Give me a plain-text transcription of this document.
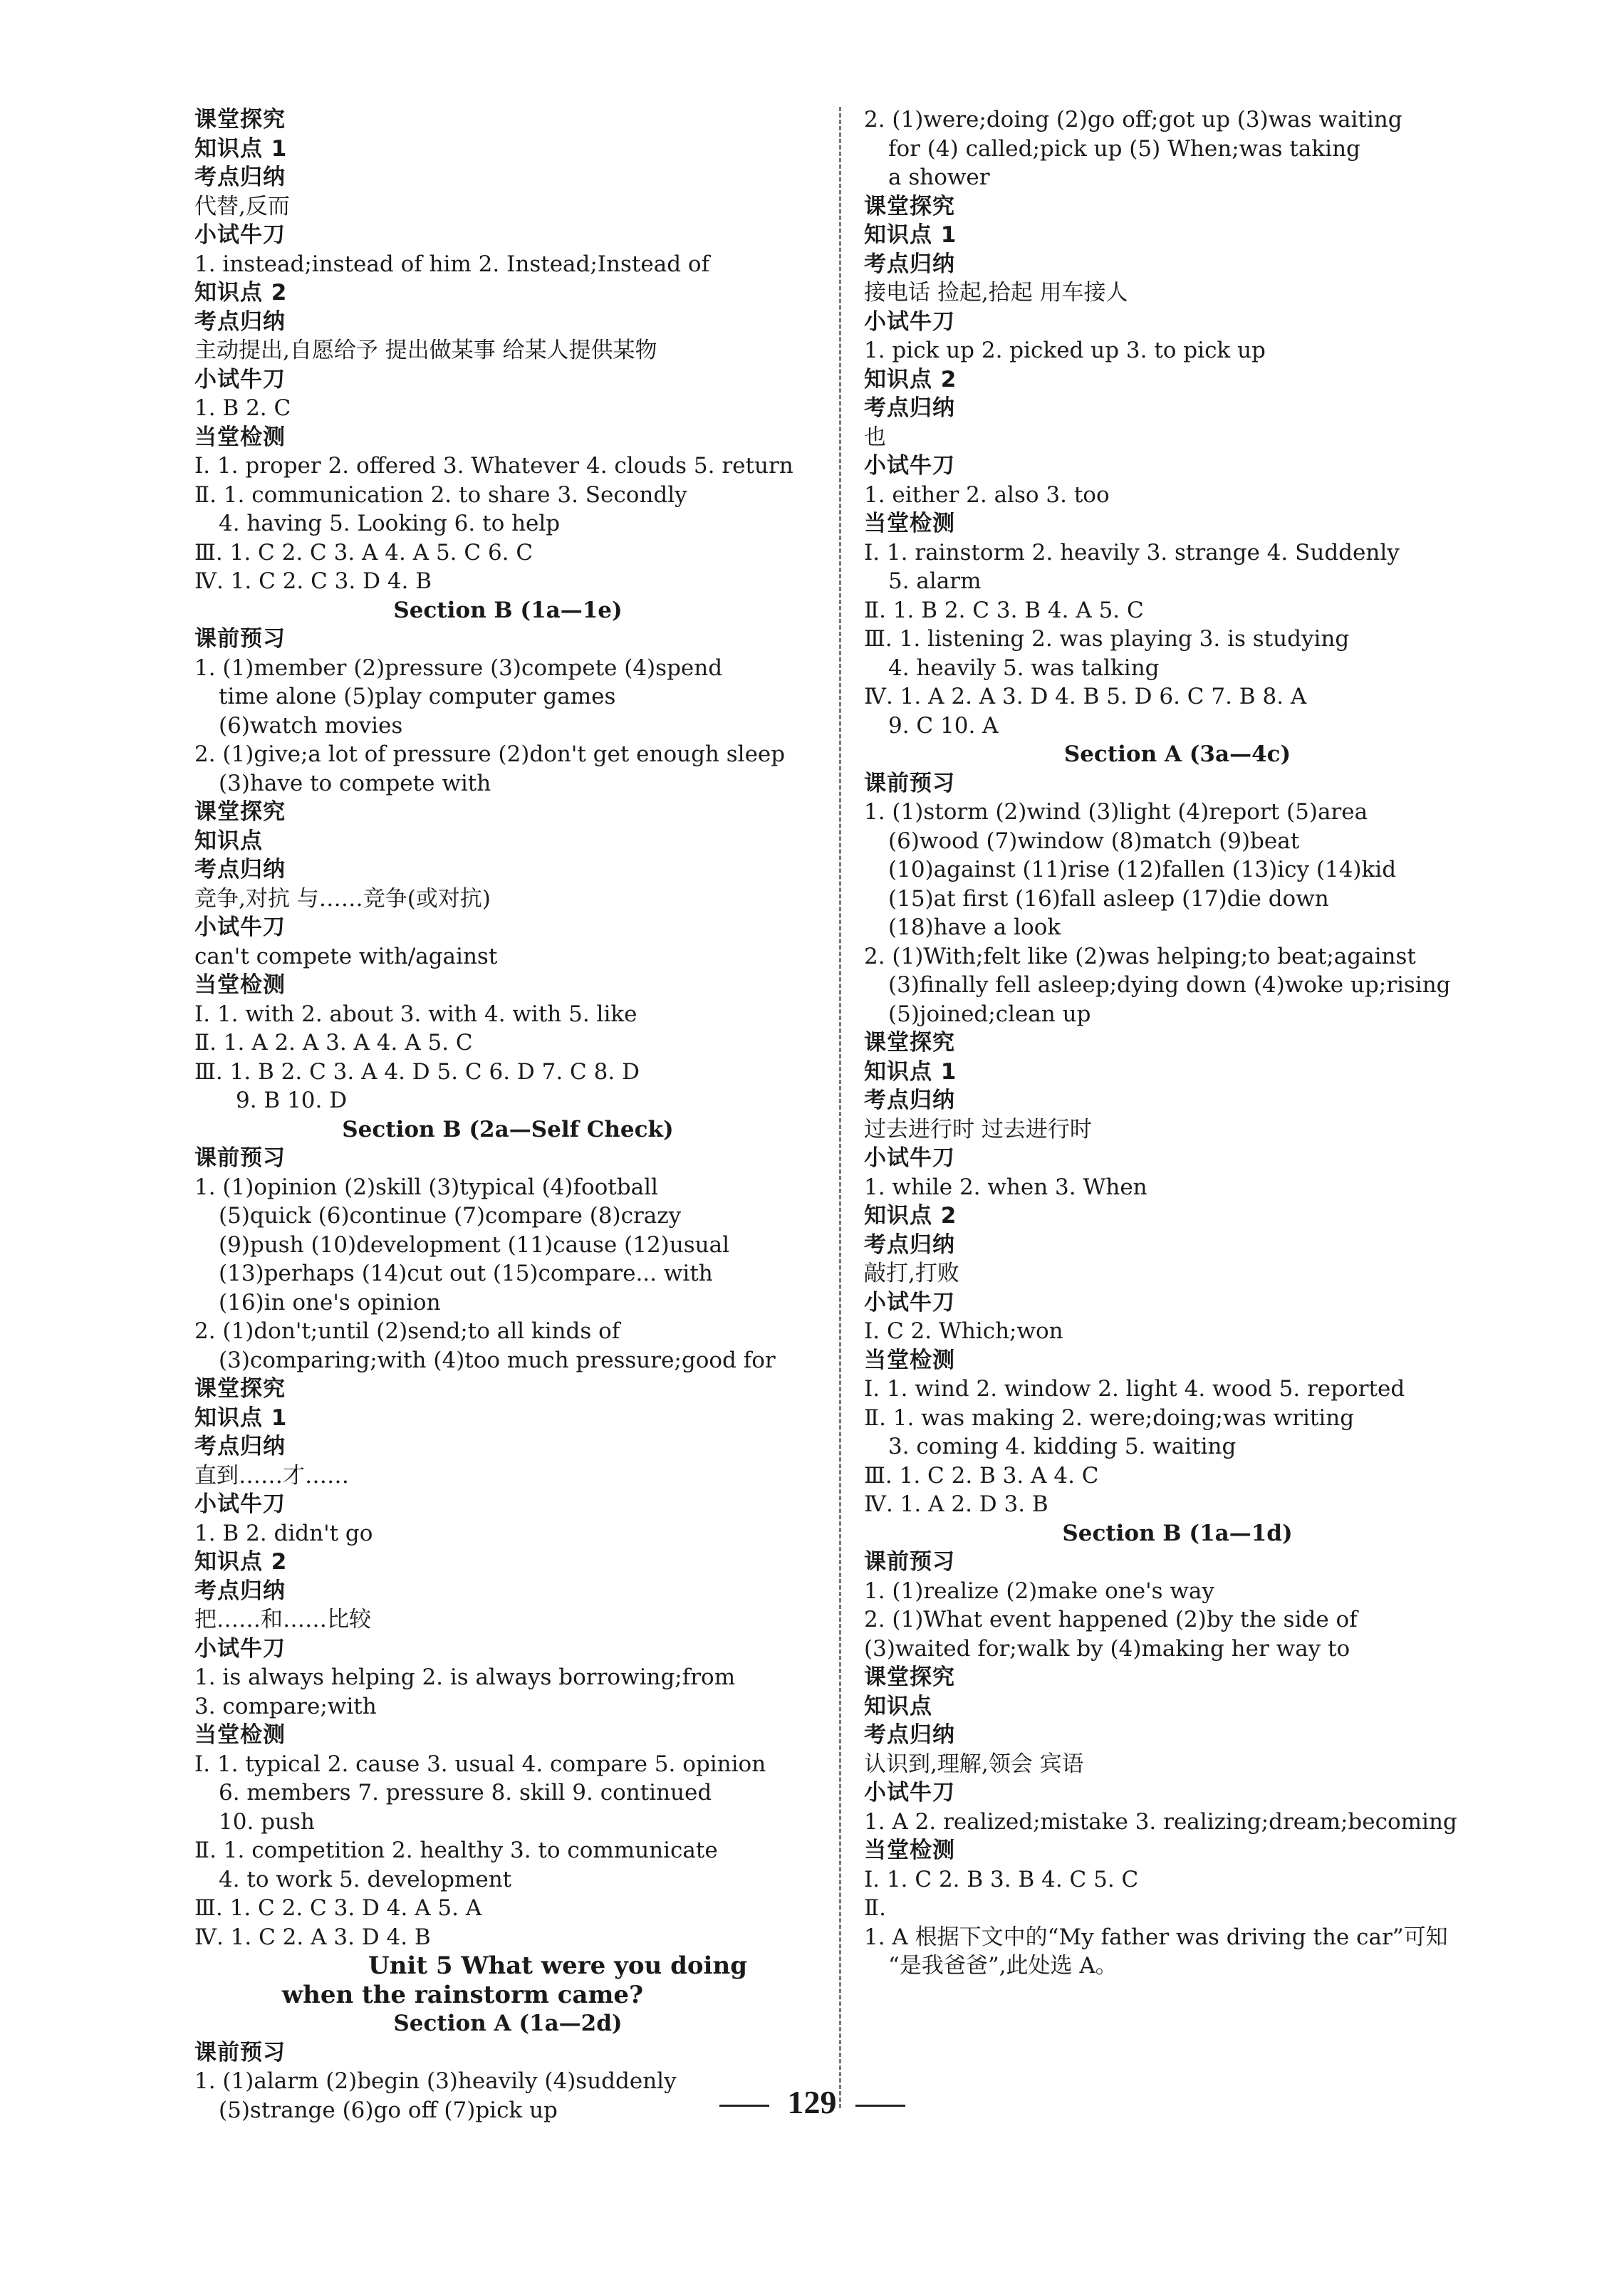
课堂探究
知识点 1
考点归纳
代替,反而
小试牛刀
1. instead;instead of him 2. Instead;Instead of
知识点 2
考点归纳
主动提出,自愿给予 提出做某事 给某人提供某物
小试牛刀
1. B 2. C
当堂检测
Ⅰ. 1. proper 2. offered 3. Whatever 4. clouds 5. return
Ⅱ. 1. communication 2. to share 3. Secondly
4. having 5. Looking 6. to help
Ⅲ. 1. C 2. C 3. A 4. A 5. C 6. C
Ⅳ. 1. C 2. C 3. D 4. B
Section B (1a—1e)
课前预习
1. (1)member (2)pressure (3)compete (4)spend
time alone (5)play computer games
(6)watch movies
2. (1)give;a lot of pressure (2)don't get enough sleep
(3)have to compete with
课堂探究
知识点
考点归纳
竞争,对抗 与……竞争(或对抗)
小试牛刀
can't compete with/against
当堂检测
Ⅰ. 1. with 2. about 3. with 4. with 5. like
Ⅱ. 1. A 2. A 3. A 4. A 5. C
Ⅲ. 1. B 2. C 3. A 4. D 5. C 6. D 7. C 8. D
9. B 10. D
Section B (2a—Self Check)
课前预习
1. (1)opinion (2)skill (3)typical (4)football
(5)quick (6)continue (7)compare (8)crazy
(9)push (10)development (11)cause (12)usual
(13)perhaps (14)cut out (15)compare... with
(16)in one's opinion
2. (1)don't;until (2)send;to all kinds of
(3)comparing;with (4)too much pressure;good for
课堂探究
知识点 1
考点归纳
直到……才……
小试牛刀
1. B 2. didn't go
知识点 2
考点归纳
把……和……比较
小试牛刀
1. is always helping 2. is always borrowing;from
3. compare;with
当堂检测
Ⅰ. 1. typical 2. cause 3. usual 4. compare 5. opinion
6. members 7. pressure 8. skill 9. continued
10. push
Ⅱ. 1. competition 2. healthy 3. to communicate
4. to work 5. development
Ⅲ. 1. C 2. C 3. D 4. A 5. A
Ⅳ. 1. C 2. A 3. D 4. B
Unit 5 What were you doing
when the rainstorm came?
Section A (1a—2d)
课前预习
1. (1)alarm (2)begin (3)heavily (4)suddenly
(5)strange (6)go off (7)pick up
2. (1)were;doing (2)go off;got up (3)was waiting
for (4) called;pick up (5) When;was taking
a shower
课堂探究
知识点 1
考点归纳
接电话 捡起,拾起 用车接人
小试牛刀
1. pick up 2. picked up 3. to pick up
知识点 2
考点归纳
也
小试牛刀
1. either 2. also 3. too
当堂检测
Ⅰ. 1. rainstorm 2. heavily 3. strange 4. Suddenly
5. alarm
Ⅱ. 1. B 2. C 3. B 4. A 5. C
Ⅲ. 1. listening 2. was playing 3. is studying
4. heavily 5. was talking
Ⅳ. 1. A 2. A 3. D 4. B 5. D 6. C 7. B 8. A
9. C 10. A
Section A (3a—4c)
课前预习
1. (1)storm (2)wind (3)light (4)report (5)area
(6)wood (7)window (8)match (9)beat
(10)against (11)rise (12)fallen (13)icy (14)kid
(15)at first (16)fall asleep (17)die down
(18)have a look
2. (1)With;felt like (2)was helping;to beat;against
(3)finally fell asleep;dying down (4)woke up;rising
(5)joined;clean up
课堂探究
知识点 1
考点归纳
过去进行时 过去进行时
小试牛刀
1. while 2. when 3. When
知识点 2
考点归纳
敲打,打败
小试牛刀
Ⅰ. C 2. Which;won
当堂检测
Ⅰ. 1. wind 2. window 2. light 4. wood 5. reported
Ⅱ. 1. was making 2. were;doing;was writing
3. coming 4. kidding 5. waiting
Ⅲ. 1. C 2. B 3. A 4. C
Ⅳ. 1. A 2. D 3. B
Section B (1a—1d)
课前预习
1. (1)realize (2)make one's way
2. (1)What event happened (2)by the side of
(3)waited for;walk by (4)making her way to
课堂探究
知识点
考点归纳
认识到,理解,领会 宾语
小试牛刀
1. A 2. realized;mistake 3. realizing;dream;becoming
当堂检测
Ⅰ. 1. C 2. B 3. B 4. C 5. C
Ⅱ.
1. A 根据下文中的“My father was driving the car”可知
“是我爸爸”,此处选 A。
129
